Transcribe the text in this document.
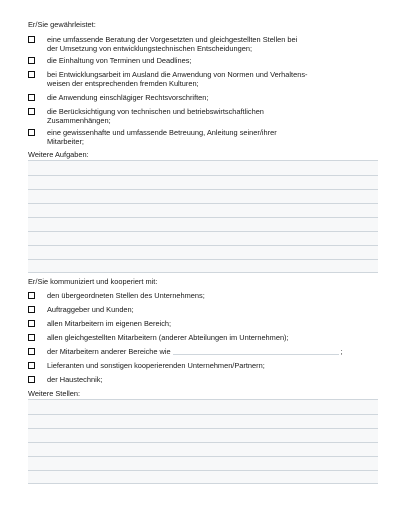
Er/Sie gewährleistet:
eine umfassende Beratung der Vorgesetzten und gleichgestellten Stellen bei
der Umsetzung von entwicklungstechnischen Entscheidungen;
die Einhaltung von Terminen und Deadlines;
bei Entwicklungsarbeit im Ausland die Anwendung von Normen und Verhaltens-
weisen der entsprechenden fremden Kulturen;
die Anwendung einschlägiger Rechtsvorschriften;
die Berücksichtigung von technischen und betriebswirtschaftlichen
Zusammenhängen;
eine gewissenhafte und umfassende Betreuung, Anleitung seiner/ihrer
Mitarbeiter;
Weitere Aufgaben:
Er/Sie kommuniziert und kooperiert mit:
den übergeordneten Stellen des Unternehmens;
Auftraggeber und Kunden;
allen Mitarbeitern im eigenen Bereich;
allen gleichgestellten Mitarbeitern (anderer Abteilungen im Unternehmen);
der Mitarbeitern anderer Bereiche wie	;
Lieferanten und sonstigen kooperierenden Unternehmen/Partnern;
der Haustechnik;
Weitere Stellen:
